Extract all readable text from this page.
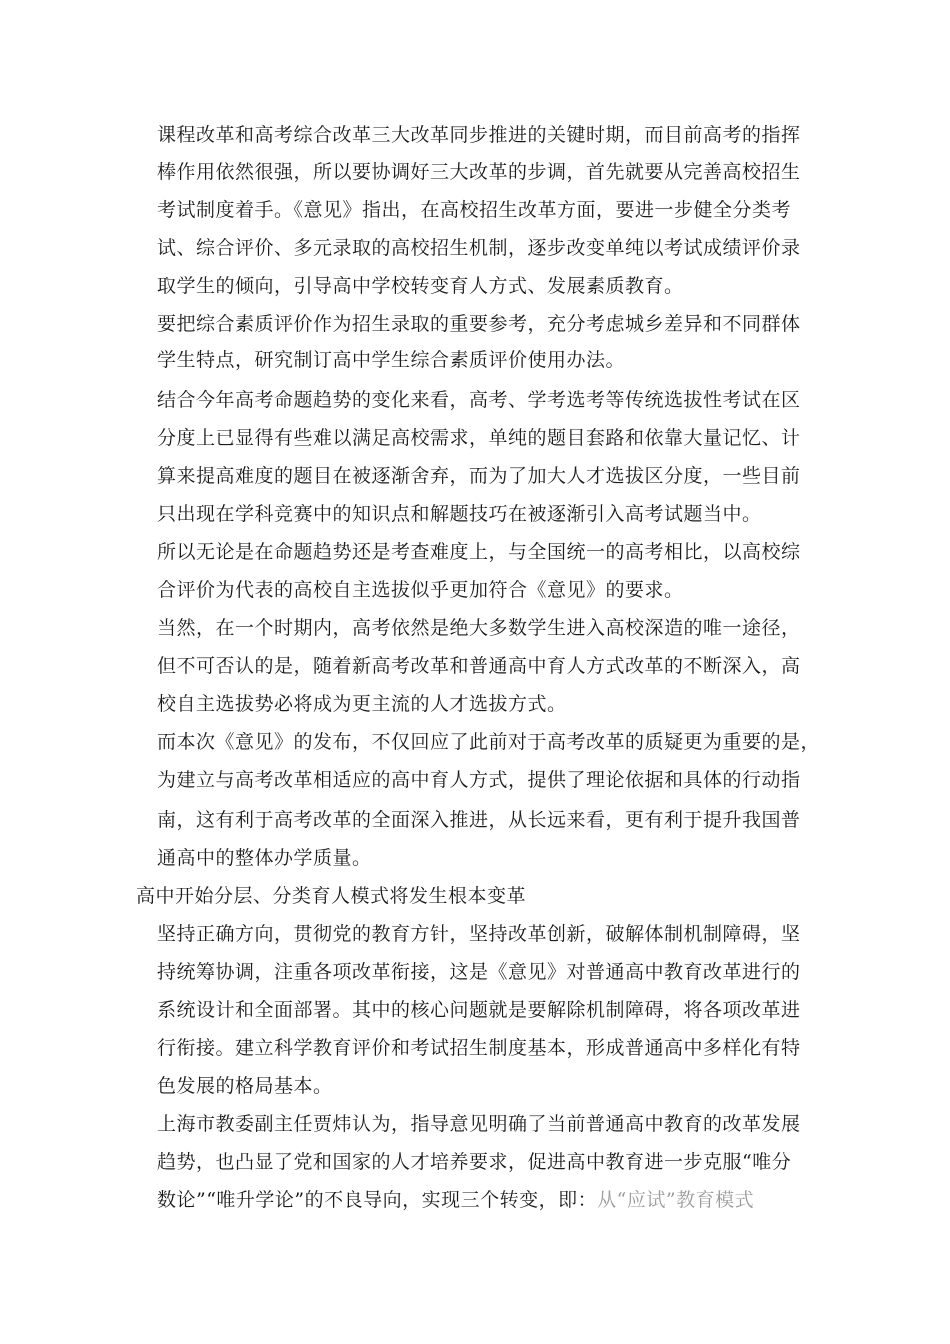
课程改革和高考综合改革三大改革同步推进的关键时期，而目前高考的指挥

棒作用依然很强，所以要协调好三大改革的步调，首先就要从完善高校招生

考试制度着手。《意见》指出，在高校招生改革方面，要进一步健全分类考

试、综合评价、多元录取的高校招生机制，逐步改变单纯以考试成绩评价录

取学生的倾向，引导高中学校转变育人方式、发展素质教育。

要把综合素质评价作为招生录取的重要参考，充分考虑城乡差异和不同群体

学生特点，研究制订高中学生综合素质评价使用办法。

结合今年高考命题趋势的变化来看，高考、学考选考等传统选拔性考试在区

分度上已显得有些难以满足高校需求，单纯的题目套路和依靠大量记忆、计

算来提高难度的题目在被逐渐舍弃，而为了加大人才选拔区分度，一些目前

只出现在学科竞赛中的知识点和解题技巧在被逐渐引入高考试题当中。

所以无论是在命题趋势还是考查难度上，与全国统一的高考相比，以高校综

合评价为代表的高校自主选拔似乎更加符合《意见》的要求。

当然，在一个时期内，高考依然是绝大多数学生进入高校深造的唯一途径，

但不可否认的是，随着新高考改革和普通高中育人方式改革的不断深入，高

校自主选拔势必将成为更主流的人才选拔方式。

而本次《意见》的发布，不仅回应了此前对于高考改革的质疑更为重要的是，

为建立与高考改革相适应的高中育人方式，提供了理论依据和具体的行动指

南，这有利于高考改革的全面深入推进，从长远来看，更有利于提升我国普

通高中的整体办学质量。

高中开始分层、分类育人模式将发生根本变革

坚持正确方向，贯彻党的教育方针，坚持改革创新，破解体制机制障碍，坚

持统筹协调，注重各项改革衔接，这是《意见》对普通高中教育改革进行的

系统设计和全面部署。其中的核心问题就是要解除机制障碍，将各项改革进

行衔接。建立科学教育评价和考试招生制度基本，形成普通高中多样化有特

色发展的格局基本。

上海市教委副主任贾炜认为，指导意见明确了当前普通高中教育的改革发展

趋势，也凸显了党和国家的人才培养要求，促进高中教育进一步克服“唯分

数论”“唯升学论”的不良导向，实现三个转变，即：从“应试”教育模式
